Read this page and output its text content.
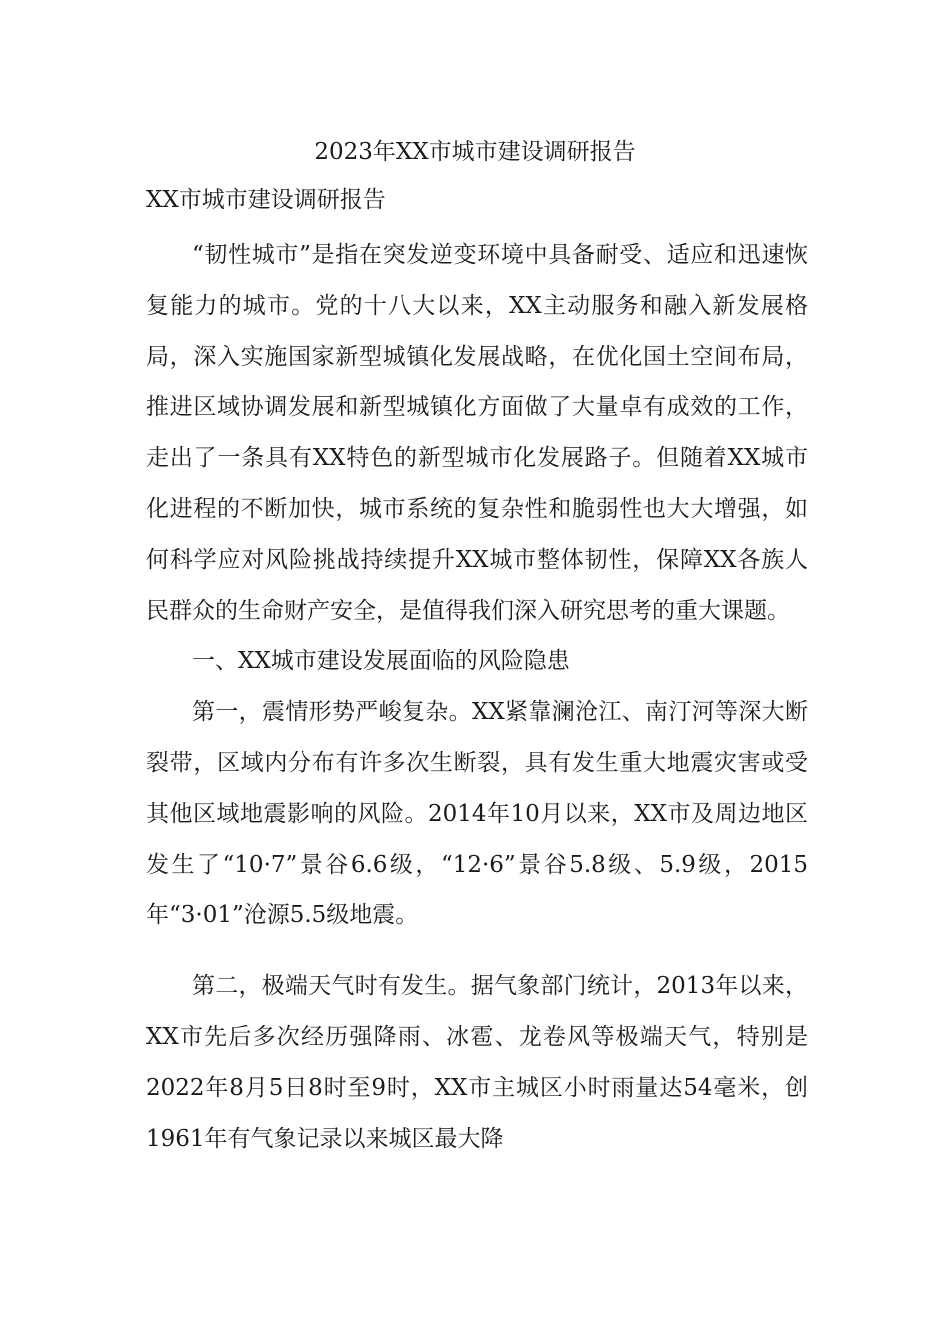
2023年XX市城市建设调研报告

XX市城市建设调研报告

“韧性城市”是指在突发逆变环境中具备耐受、适应和迅速恢复能力的城市。党的十八大以来，XX主动服务和融入新发展格局，深入实施国家新型城镇化发展战略，在优化国土空间布局，推进区域协调发展和新型城镇化方面做了大量卓有成效的工作，走出了一条具有XX特色的新型城市化发展路子。但随着XX城市化进程的不断加快，城市系统的复杂性和脆弱性也大大增强，如何科学应对风险挑战持续提升XX城市整体韧性，保障XX各族人民群众的生命财产安全，是值得我们深入研究思考的重大课题。

一、XX城市建设发展面临的风险隐患

第一，震情形势严峻复杂。XX紧靠澜沧江、南汀河等深大断裂带，区域内分布有许多次生断裂，具有发生重大地震灾害或受其他区域地震影响的风险。2014年10月以来，XX市及周边地区发生了“10·7”景谷6.6级，“12·6”景谷5.8级、5.9级，2015年“3·01”沧源5.5级地震。

第二，极端天气时有发生。据气象部门统计，2013年以来，XX市先后多次经历强降雨、冰雹、龙卷风等极端天气，特别是2022年8月5日8时至9时，XX市主城区小时雨量达54毫米，创1961年有气象记录以来城区最大降
